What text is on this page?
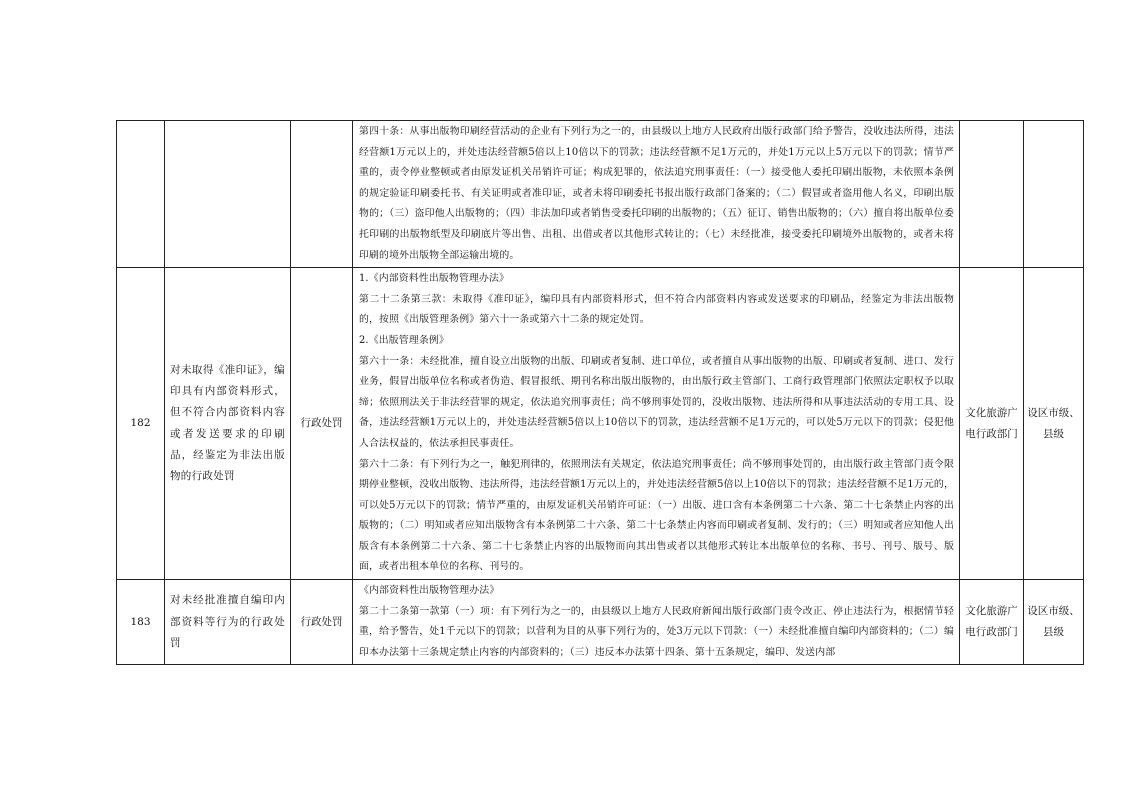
			第四十条：从事出版物印刷经营活动的企业有下列行为之一的，由县级以上地方人民政府出版行政部门给予警告，没收违法所得，违法经营额1万元以上的，并处违法经营额5倍以上10倍以下的罚款；违法经营额不足1万元的，并处1万元以上5万元以下的罚款；情节严重的，责令停业整顿或者由原发证机关吊销许可证；构成犯罪的，依法追究刑事责任：（一）接受他人委托印刷出版物，未依照本条例的规定验证印刷委托书、有关证明或者准印证，或者未将印刷委托书报出版行政部门备案的；（二）假冒或者盗用他人名义，印刷出版物的；（三）盗印他人出版物的；（四）非法加印或者销售受委托印刷的出版物的；（五）征订、销售出版物的；（六）擅自将出版单位委托印刷的出版物纸型及印刷底片等出售、出租、出借或者以其他形式转让的；（七）未经批准，接受委托印刷境外出版物的，或者未将印刷的境外出版物全部运输出境的。		

182	对未取得《准印证》，编印具有内部资料形式，但不符合内部资料内容或者发送要求的印刷品，经鉴定为非法出版物的行政处罚	行政处罚	1.《内部资料性出版物管理办法》

第二十二条第三款：未取得《准印证》，编印具有内部资料形式，但不符合内部资料内容或发送要求的印刷品，经鉴定为非法出版物的，按照《出版管理条例》第六十一条或第六十二条的规定处罚。

2.《出版管理条例》

第六十一条：未经批准，擅自设立出版物的出版、印刷或者复制、进口单位，或者擅自从事出版物的出版、印刷或者复制、进口、发行业务，假冒出版单位名称或者伪造、假冒报纸、期刊名称出版出版物的，由出版行政主管部门、工商行政管理部门依照法定职权予以取缔；依照刑法关于非法经营罪的规定，依法追究刑事责任；尚不够刑事处罚的，没收出版物、违法所得和从事违法活动的专用工具、设备，违法经营额1万元以上的，并处违法经营额5倍以上10倍以下的罚款，违法经营额不足1万元的，可以处5万元以下的罚款；侵犯他人合法权益的，依法承担民事责任。

第六十二条：有下列行为之一，触犯刑律的，依照刑法有关规定，依法追究刑事责任；尚不够刑事处罚的，由出版行政主管部门责令限期停业整顿，没收出版物、违法所得，违法经营额1万元以上的，并处违法经营额5倍以上10倍以下的罚款；违法经营额不足1万元的，可以处5万元以下的罚款；情节严重的，由原发证机关吊销许可证：（一）出版、进口含有本条例第二十六条、第二十七条禁止内容的出版物的；（二）明知或者应知出版物含有本条例第二十六条、第二十七条禁止内容而印刷或者复制、发行的；（三）明知或者应知他人出版含有本条例第二十六条、第二十七条禁止内容的出版物而向其出售或者以其他形式转让本出版单位的名称、书号、刊号、版号、版面，或者出租本单位的名称、刊号的。	文化旅游广电行政部门	设区市级、县级
183	对未经批准擅自编印内部资料等行为的行政处罚	行政处罚	《内部资料性出版物管理办法》

第二十二条第一款第（一）项：有下列行为之一的，由县级以上地方人民政府新闻出版行政部门责令改正、停止违法行为，根据情节轻重，给予警告，处1千元以下的罚款；以营利为目的从事下列行为的，处3万元以下罚款：（一）未经批准擅自编印内部资料的；（二）编印本办法第十三条规定禁止内容的内部资料的；（三）违反本办法第十四条、第十五条规定，编印、发送内部	文化旅游广电行政部门	设区市级、县级
